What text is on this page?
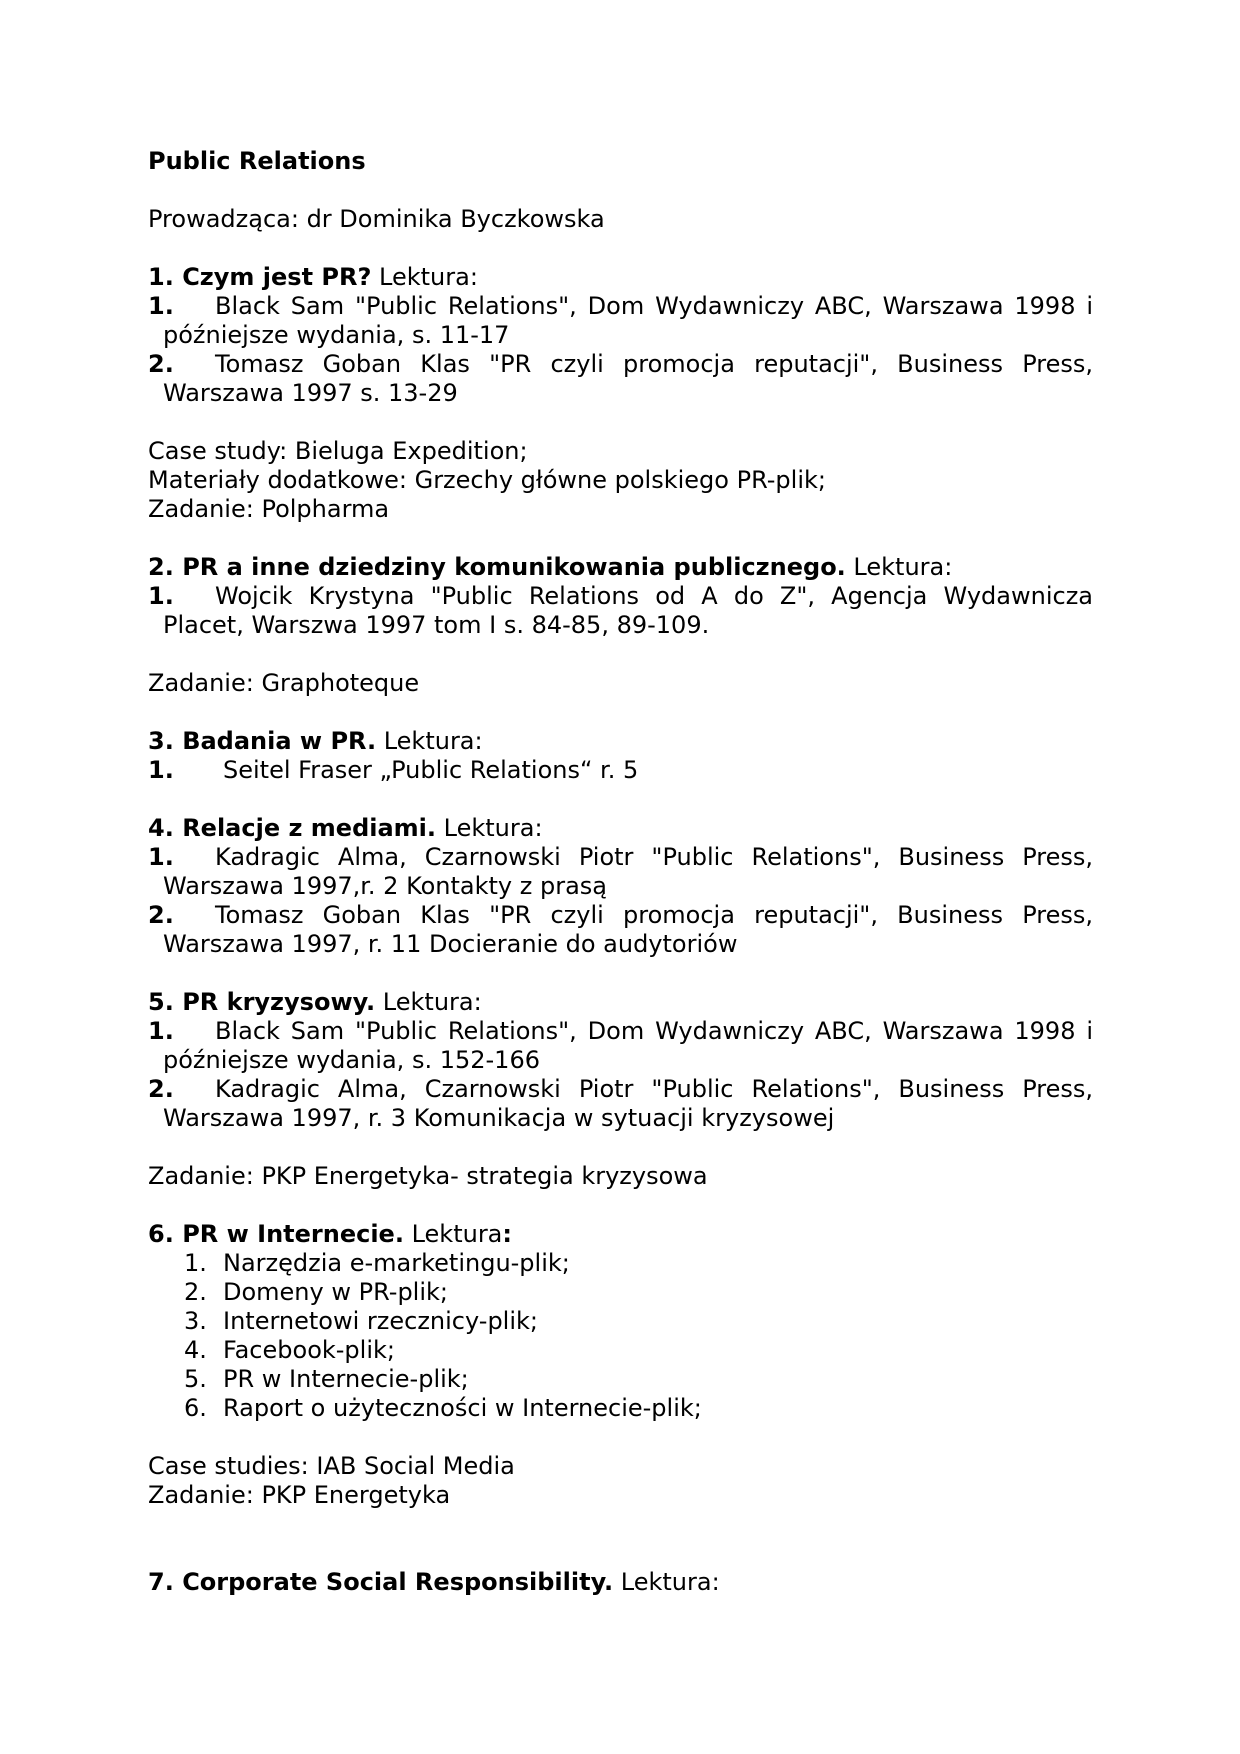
Public Relations

Prowadząca: dr Dominika Byczkowska

1. Czym jest PR? Lektura:

1.	Black Sam "Public Relations", Dom Wydawniczy ABC, Warszawa 1998 i późniejsze wydania, s. 11-17
2.	Tomasz Goban Klas "PR czyli promocja reputacji", Business Press, Warszawa 1997 s. 13-29

Case study: Bieluga Expedition;

Materiały dodatkowe: Grzechy główne polskiego PR-plik;

Zadanie: Polpharma

2. PR a inne dziedziny komunikowania publicznego. Lektura:

1.	Wojcik Krystyna "Public Relations od A do Z", Agencja Wydawnicza Placet, Warszwa 1997 tom I s. 84-85, 89-109.

Zadanie: Graphoteque

3. Badania w PR. Lektura:

1.	Seitel Fraser „Public Relations“ r. 5

4. Relacje z mediami. Lektura:

1.	Kadragic Alma, Czarnowski Piotr "Public Relations", Business Press, Warszawa 1997,r. 2 Kontakty z prasą
2.	Tomasz Goban Klas "PR czyli promocja reputacji", Business Press, Warszawa 1997, r. 11 Docieranie do audytoriów

5. PR kryzysowy. Lektura:

1.	Black Sam "Public Relations", Dom Wydawniczy ABC, Warszawa 1998 i późniejsze wydania, s. 152-166
2.	Kadragic Alma, Czarnowski Piotr "Public Relations", Business Press, Warszawa 1997, r. 3 Komunikacja w sytuacji kryzysowej

Zadanie: PKP Energetyka- strategia kryzysowa

6. PR w Internecie. Lektura:

1. Narzędzia e-marketingu-plik;

2. Domeny w PR-plik;

3. Internetowi rzecznicy-plik;

4. Facebook-plik;

5. PR w Internecie-plik;

6. Raport o użyteczności w Internecie-plik;

Case studies: IAB Social Media

Zadanie: PKP Energetyka

7. Corporate Social Responsibility. Lektura:
